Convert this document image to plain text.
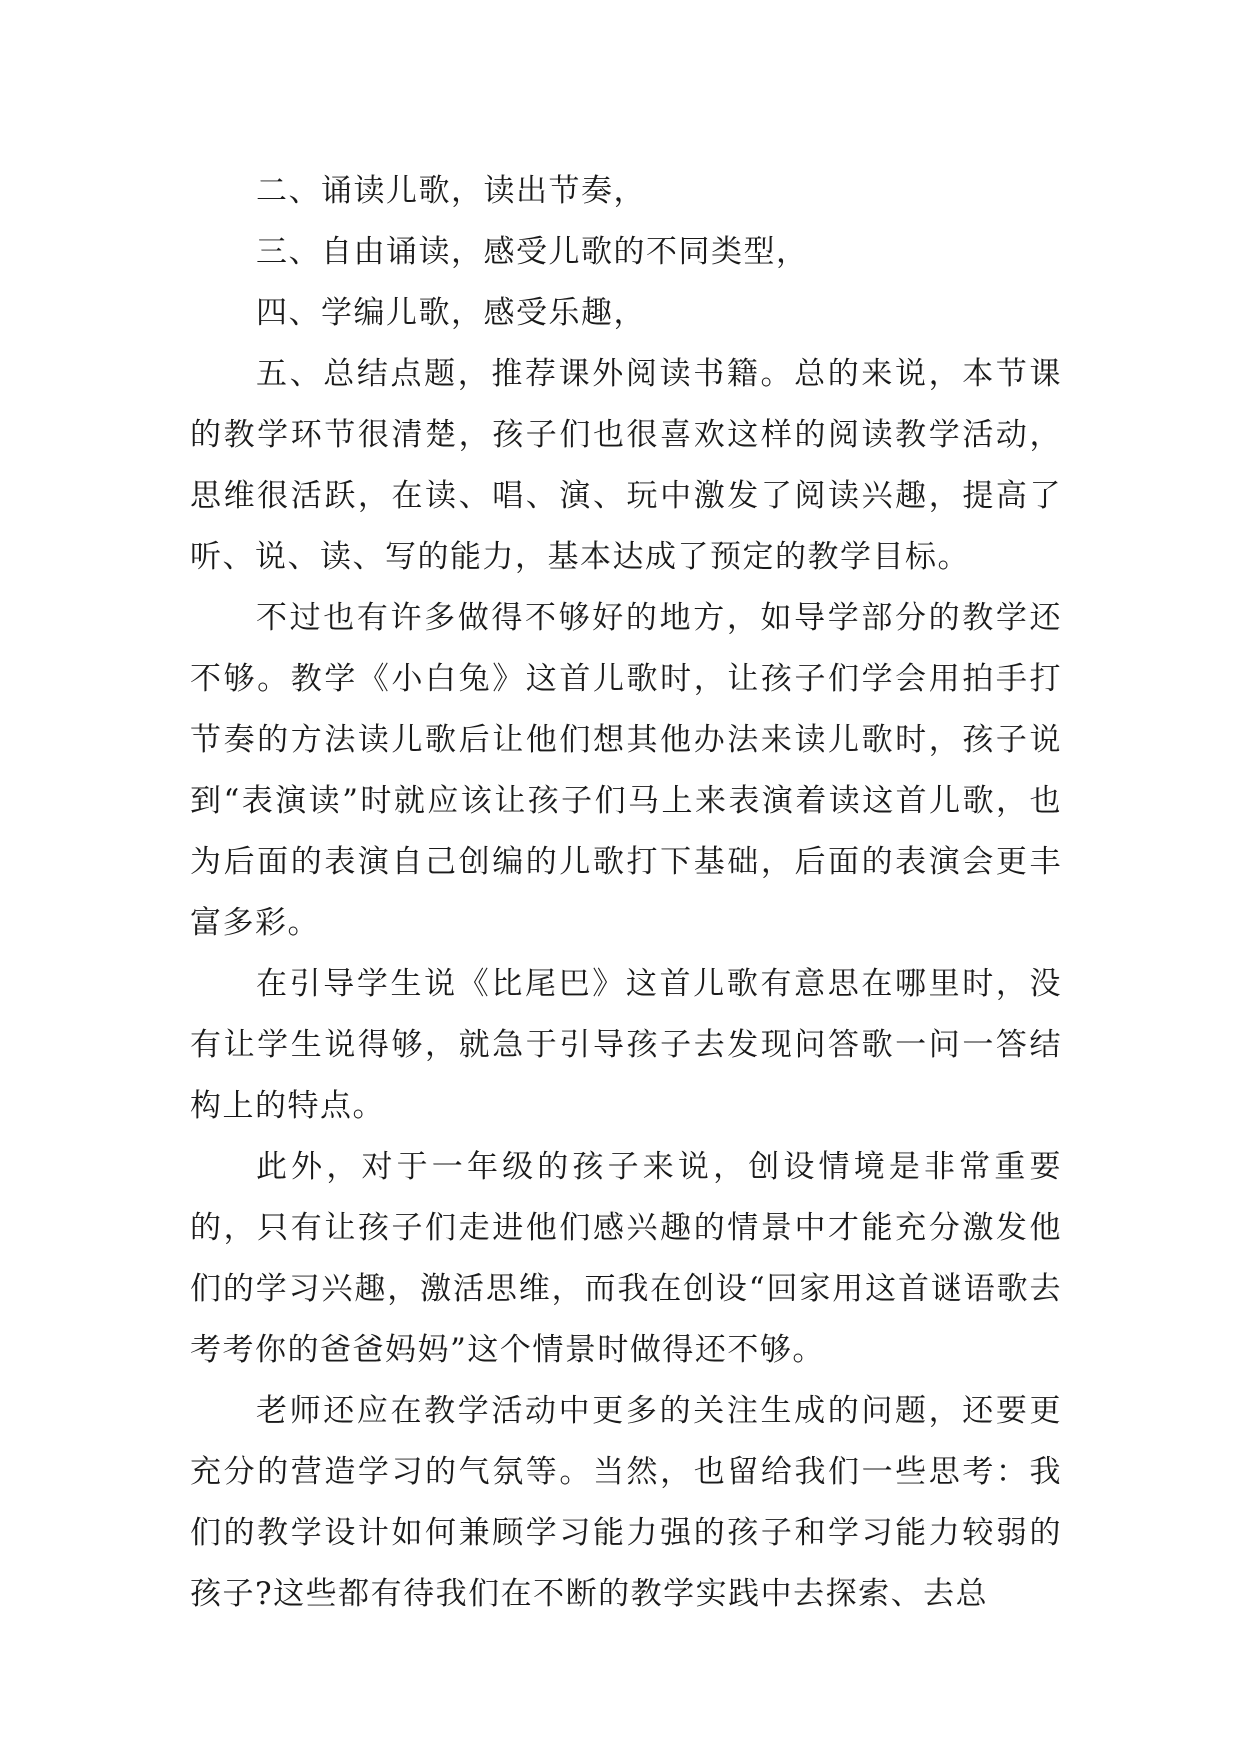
二、诵读儿歌，读出节奏，

三、自由诵读，感受儿歌的不同类型，

四、学编儿歌，感受乐趣，

五、总结点题，推荐课外阅读书籍。总的来说，本节课的教学环节很清楚，孩子们也很喜欢这样的阅读教学活动，思维很活跃，在读、唱、演、玩中激发了阅读兴趣，提高了听、说、读、写的能力，基本达成了预定的教学目标。

不过也有许多做得不够好的地方，如导学部分的教学还不够。教学《小白兔》这首儿歌时，让孩子们学会用拍手打节奏的方法读儿歌后让他们想其他办法来读儿歌时，孩子说到“表演读”时就应该让孩子们马上来表演着读这首儿歌，也为后面的表演自己创编的儿歌打下基础，后面的表演会更丰富多彩。

在引导学生说《比尾巴》这首儿歌有意思在哪里时，没有让学生说得够，就急于引导孩子去发现问答歌一问一答结构上的特点。

此外，对于一年级的孩子来说，创设情境是非常重要的，只有让孩子们走进他们感兴趣的情景中才能充分激发他们的学习兴趣，激活思维，而我在创设“回家用这首谜语歌去考考你的爸爸妈妈”这个情景时做得还不够。

老师还应在教学活动中更多的关注生成的问题，还要更充分的营造学习的气氛等。当然，也留给我们一些思考：我们的教学设计如何兼顾学习能力强的孩子和学习能力较弱的孩子?这些都有待我们在不断的教学实践中去探索、去总
